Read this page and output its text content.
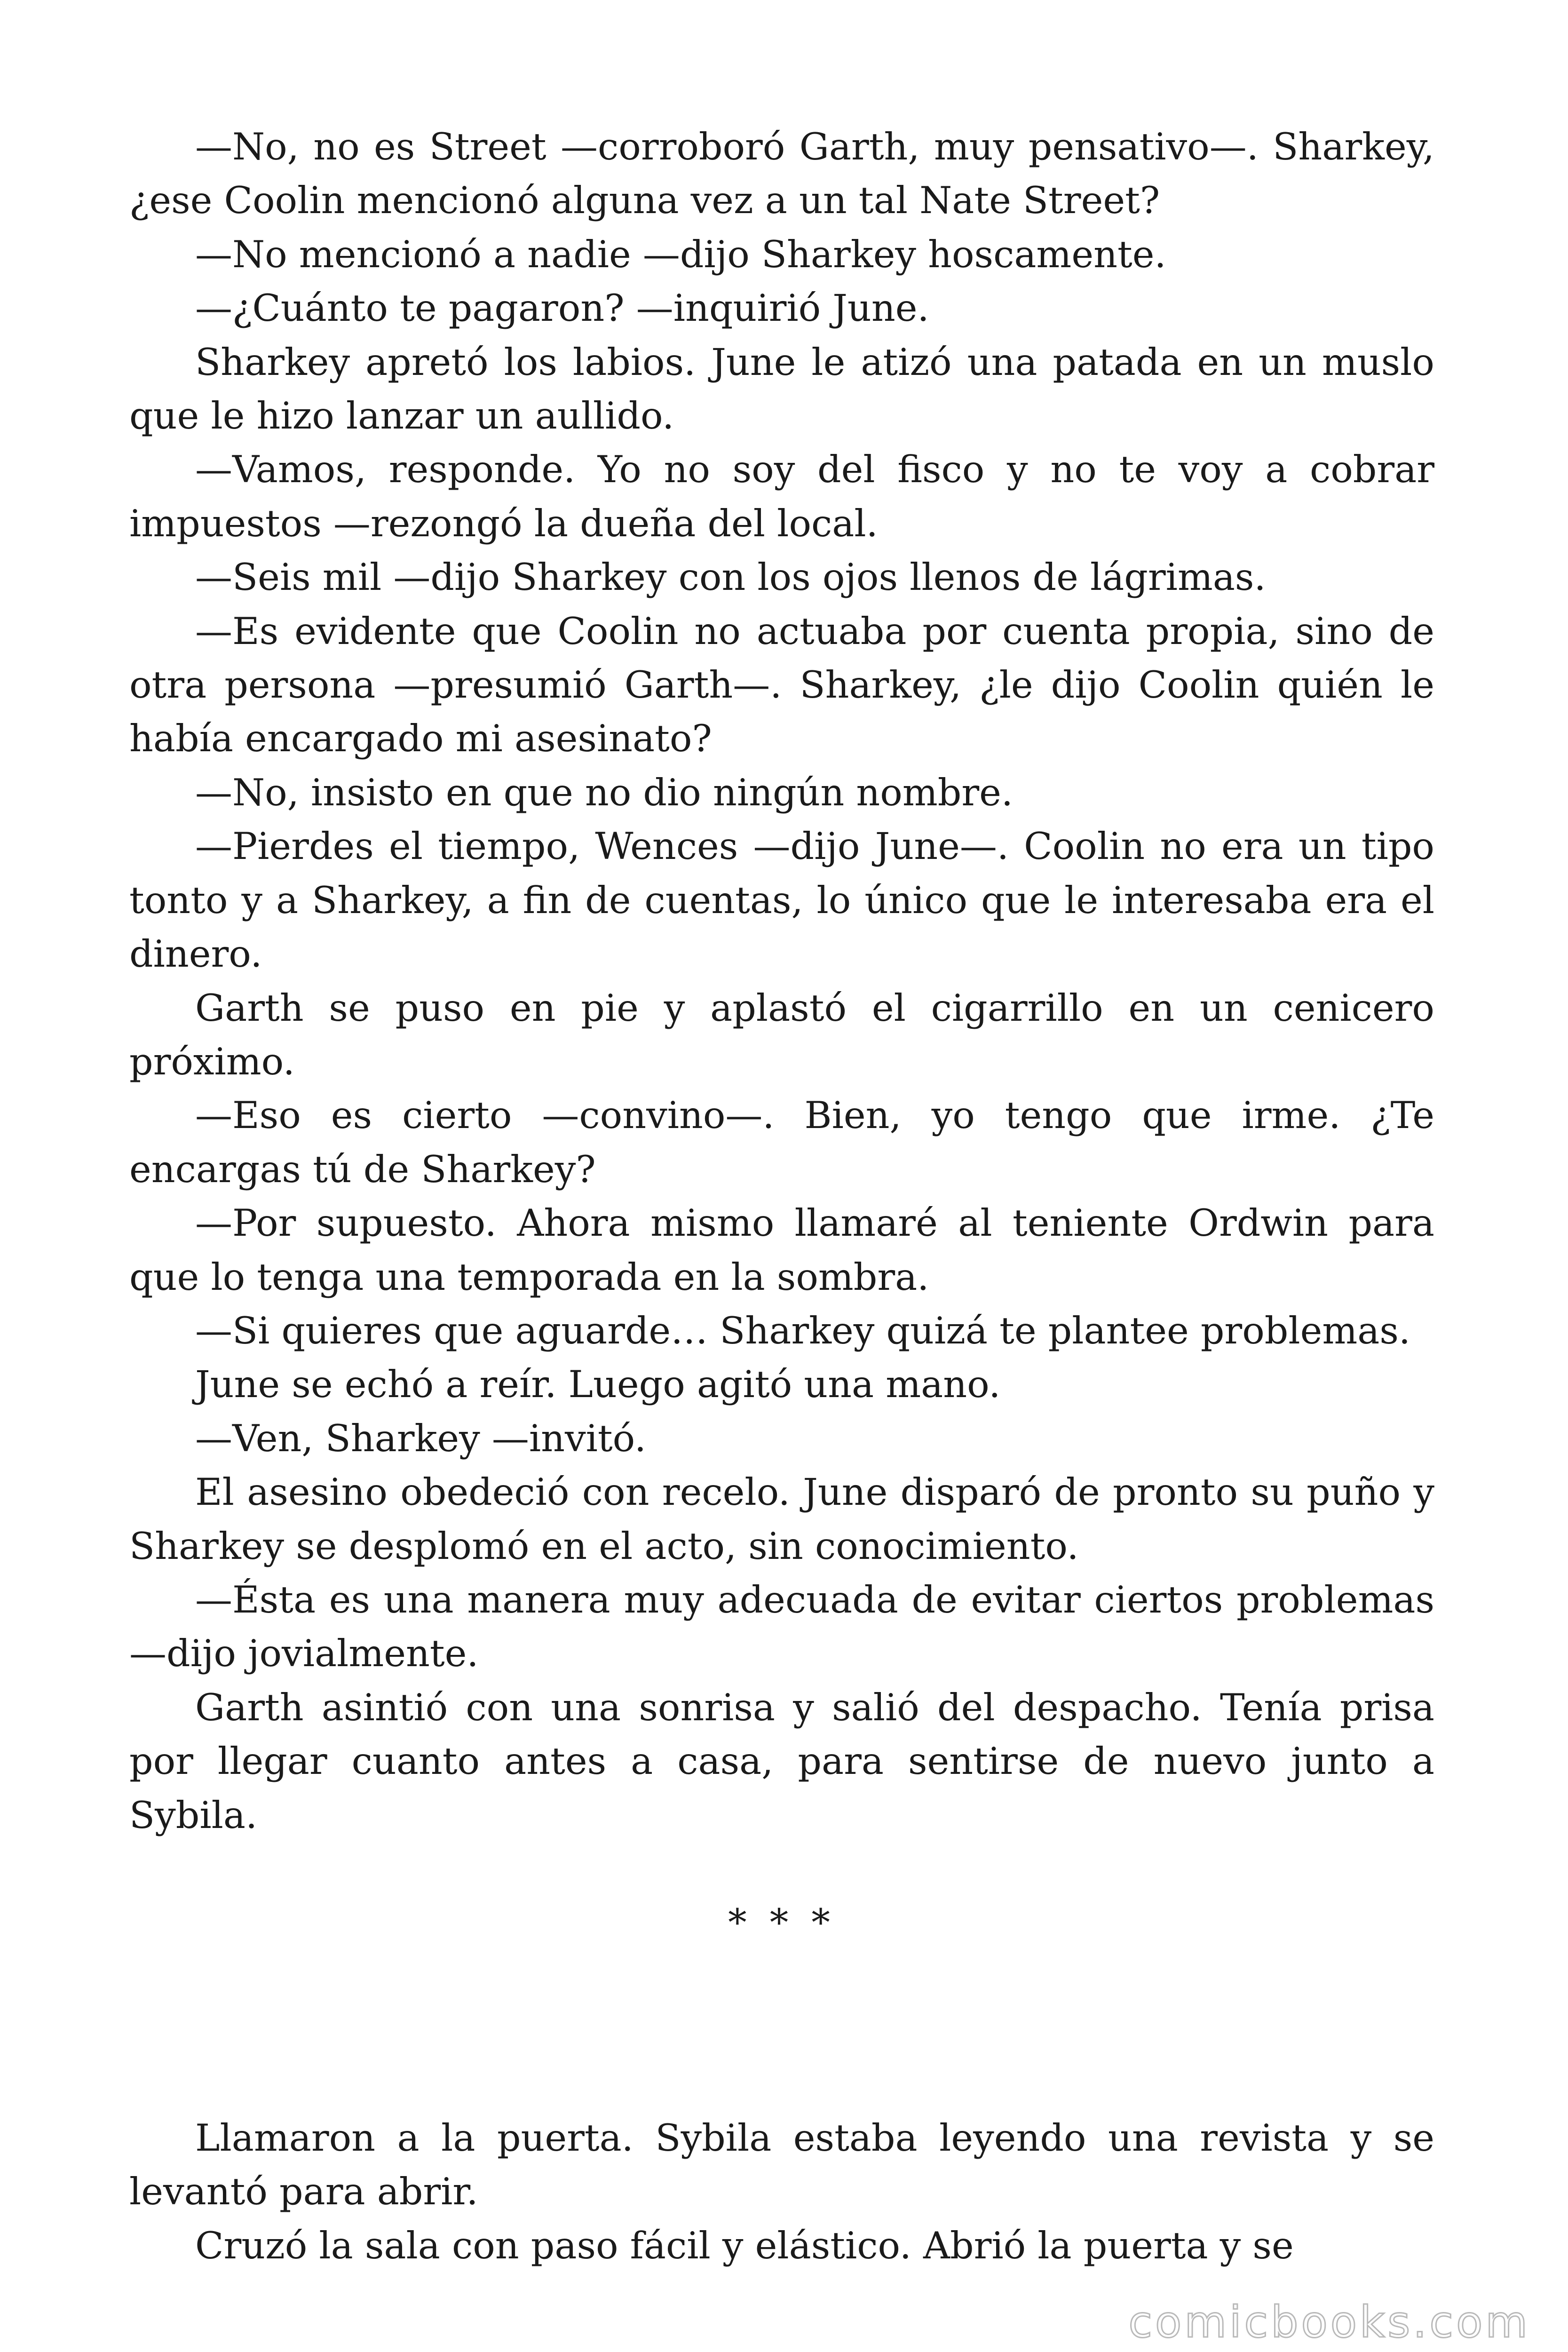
—No, no es Street —corroboró Garth, muy pensativo—. Sharkey, ¿ese Coolin mencionó alguna vez a un tal Nate Street?

—No mencionó a nadie —dijo Sharkey hoscamente.

—¿Cuánto te pagaron? —inquirió June.

Sharkey apretó los labios. June le atizó una patada en un muslo que le hizo lanzar un aullido.

—Vamos, responde. Yo no soy del fisco y no te voy a cobrar impuestos —rezongó la dueña del local.

—Seis mil —dijo Sharkey con los ojos llenos de lágrimas.

—Es evidente que Coolin no actuaba por cuenta propia, sino de otra persona —presumió Garth—. Sharkey, ¿le dijo Coolin quién le había encargado mi asesinato?

—No, insisto en que no dio ningún nombre.

—Pierdes el tiempo, Wences —dijo June—. Coolin no era un tipo tonto y a Sharkey, a fin de cuentas, lo único que le interesaba era el dinero.

Garth se puso en pie y aplastó el cigarrillo en un cenicero próximo.

—Eso es cierto —convino—. Bien, yo tengo que irme. ¿Te encargas tú de Sharkey?

—Por supuesto. Ahora mismo llamaré al teniente Ordwin para que lo tenga una temporada en la sombra.

—Si quieres que aguarde… Sharkey quizá te plantee problemas.

June se echó a reír. Luego agitó una mano.

—Ven, Sharkey —invitó.

El asesino obedeció con recelo. June disparó de pronto su puño y Sharkey se desplomó en el acto, sin conocimiento.

—Ésta es una manera muy adecuada de evitar ciertos problemas —dijo jovialmente.

Garth asintió con una sonrisa y salió del despacho. Tenía prisa por llegar cuanto antes a casa, para sentirse de nuevo junto a Sybila.

* * *

Llamaron a la puerta. Sybila estaba leyendo una revista y se levantó para abrir.

Cruzó la sala con paso fácil y elástico. Abrió la puerta y se

comicbooks.com
